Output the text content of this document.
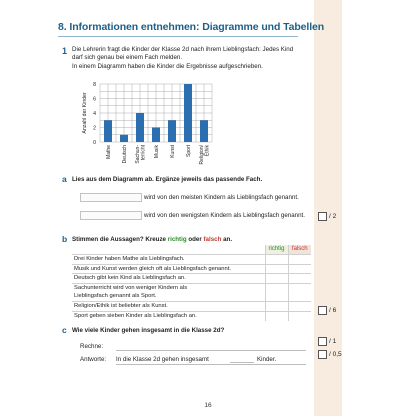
8. Informationen entnehmen: Diagramme und Tabellen
1 Die Lehrerin fragt die Kinder der Klasse 2d nach ihrem Lieblingsfach: Jedes Kind
darf sich genau bei einem Fach melden.
In einem Diagramm haben die Kinder die Ergebnisse aufgeschrieben.
0
2
4
6
8
Anzahl der Kinder
Mathe Deutsch Sachun- terricht Musik Kunst Sport Religion/ Ethik
a Lies aus dem Diagramm ab. Ergänze jeweils das passende Fach.
wird von den meisten Kindern als Lieblingsfach genannt.
wird von den wenigsten Kindern als Lieblingsfach genannt.	/ 2
b Stimmen die Aussagen? Kreuze richtig oder falsch an.
	richtig	falsch
Drei Kinder haben Mathe als Lieblingsfach.		
Musik und Kunst werden gleich oft als Lieblingsfach genannt.		
Deutsch gibt kein Kind als Lieblingsfach an.		
Sachunterricht wird von weniger Kindern als
Lieblingsfach genannt als Sport.		
Religion/Ethik ist beliebter als Kunst.		
Sport geben sieben Kinder als Lieblingsfach an.		
/ 6
c Wie viele Kinder gehen insgesamt in die Klasse 2d?
Rechne:
/ 1
Antworte: In die Klasse 2d gehen insgesamt	Kinder.
/ 0,5
16
